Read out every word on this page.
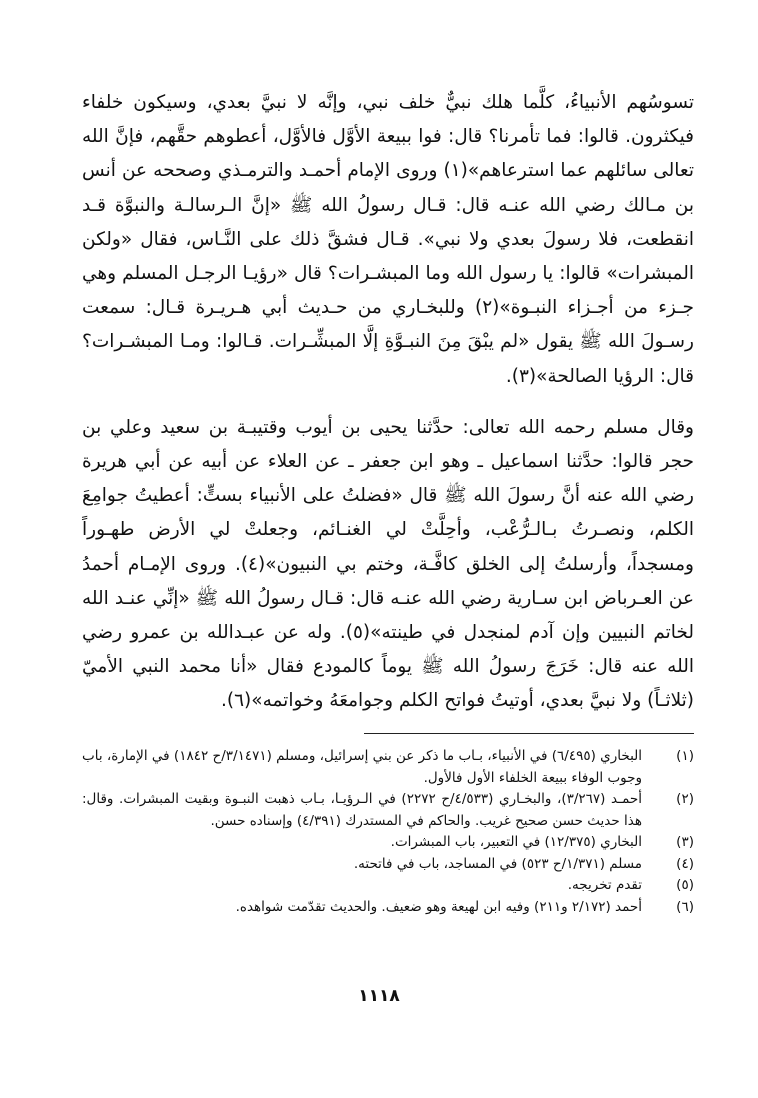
تسوسُهم الأنبياءُ، كلَّما هلك نبيٌّ خلف نبي، وإنَّه لا نبيَّ بعدي، وسيكون خلفاء فيكثرون. قالوا: فما تأمرنا؟ قال: فوا ببيعة الأوَّل فالأوَّل، أعطوهم حقَّهم، فإنَّ الله تعالى سائلهم عما استرعاهم»(١) وروى الإمام أحمـد والترمـذي وصححه عن أنس بن مـالك رضي الله عنـه قال: قـال رسولُ الله ﷺ «إنَّ الـرسالـة والنبوَّة قـد انقطعت، فلا رسولَ بعدي ولا نبي». قـال فشقَّ ذلك على النَّـاس، فقال «ولكن المبشرات» قالوا: يا رسول الله وما المبشـرات؟ قال «رؤيـا الرجـل المسلم وهي جـزء من أجـزاء النبـوة»(٢) وللبخـاري من حـديث أبي هـريـرة قـال: سمعت رسـولَ الله ﷺ يقول «لم يبْقَ مِنَ النبـوَّةِ إلَّا المبشِّـرات. قـالوا: ومـا المبشـرات؟ قال: الرؤيا الصالحة»(٣).

وقال مسلم رحمه الله تعالى: حدَّثنا يحيى بن أيوب وقتيبـة بن سعيد وعلي بن حجر قالوا: حدَّثنا اسماعيل ـ وهو ابن جعفر ـ عن العلاء عن أبيه عن أبي هريرة رضي الله عنه أنَّ رسولَ الله ﷺ قال «فضلتُ على الأنبياء بستٍّ: أعطيتُ جوامِعَ الكلم، ونصـرتُ بـالـرُّعْب، وأحِلَّتْ لي الغنـائم، وجعلتْ لي الأرض طهـوراً ومسجداً، وأرسلتُ إلى الخلق كافَّـة، وختم بي النبيون»(٤). وروى الإمـام أحمدُ عن العـرباض ابن سـارية رضي الله عنـه قال: قـال رسولُ الله ﷺ «إنِّي عنـد الله لخاتم النبيين وإن آدم لمنجدل في طينته»(٥). وله عن عبـدالله بن عمرو رضي الله عنه قال: خَرَجَ رسولُ الله ﷺ يوماً كالمودع فقال «أنا محمد النبي الأميّ (ثلاثـاً) ولا نبيَّ بعدي، أوتيتُ فواتح الكلم وجوامعَهُ وخواتمه»(٦).

(١)
البخاري (٦/٤٩٥) في الأنبياء، بـاب ما ذكر عن بني إسرائيل، ومسلم (٣/١٤٧١/ح ١٨٤٢) في الإمارة، باب وجوب الوفاء ببيعة الخلفاء الأول فالأول.
(٢)
أحمـد (٣/٢٦٧)، والبخـاري (٤/٥٣٣/ح ٢٢٧٢) في الـرؤيـا، بـاب ذهبت النبـوة وبقيت المبشرات. وقال: هذا حديث حسن صحيح غريب. والحاكم في المستدرك (٤/٣٩١) وإسناده حسن.
(٣)
البخاري (١٢/٣٧٥) في التعبير، باب المبشرات.
(٤)
مسلم (١/٣٧١/ح ٥٢٣) في المساجد، باب في فاتحته.
(٥)
تقدم تخريجه.
(٦)
أحمد (٢/١٧٢ و٢١١) وفيه ابن لهيعة وهو ضعيف. والحديث تقدّمت شواهده.
١١١٨
